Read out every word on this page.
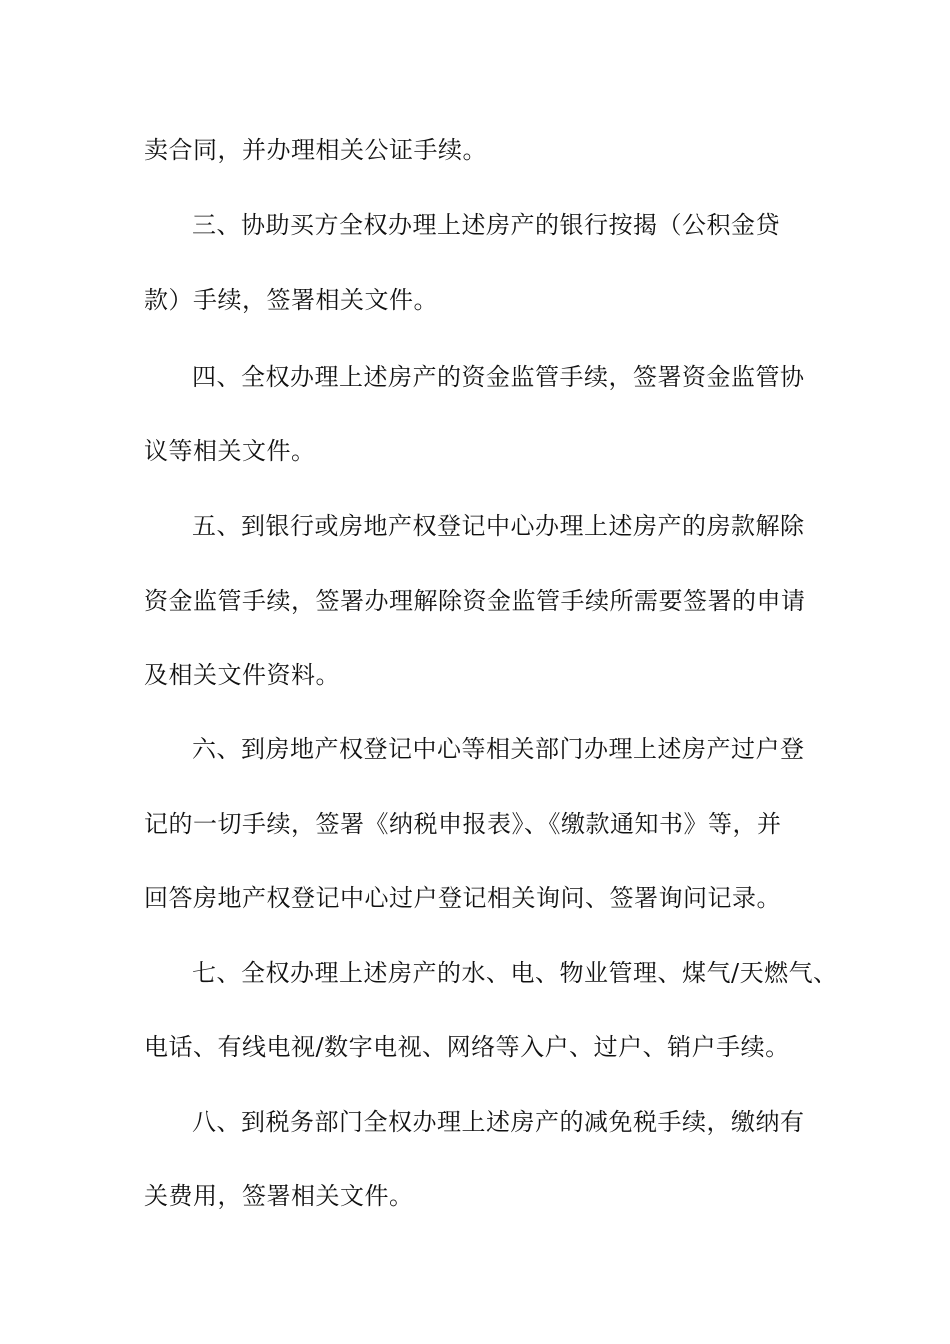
卖合同，并办理相关公证手续。
三、协助买方全权办理上述房产的银行按揭（公积金贷
款）手续，签署相关文件。
四、全权办理上述房产的资金监管手续，签署资金监管协
议等相关文件。
五、到银行或房地产权登记中心办理上述房产的房款解除
资金监管手续，签署办理解除资金监管手续所需要签署的申请
及相关文件资料。
六、到房地产权登记中心等相关部门办理上述房产过户登
记的一切手续，签署《纳税申报表》、《缴款通知书》等，并
回答房地产权登记中心过户登记相关询问、签署询问记录。
七、全权办理上述房产的水、电、物业管理、煤气/天燃气、
电话、有线电视/数字电视、网络等入户、过户、销户手续。
八、到税务部门全权办理上述房产的减免税手续，缴纳有
关费用，签署相关文件。
